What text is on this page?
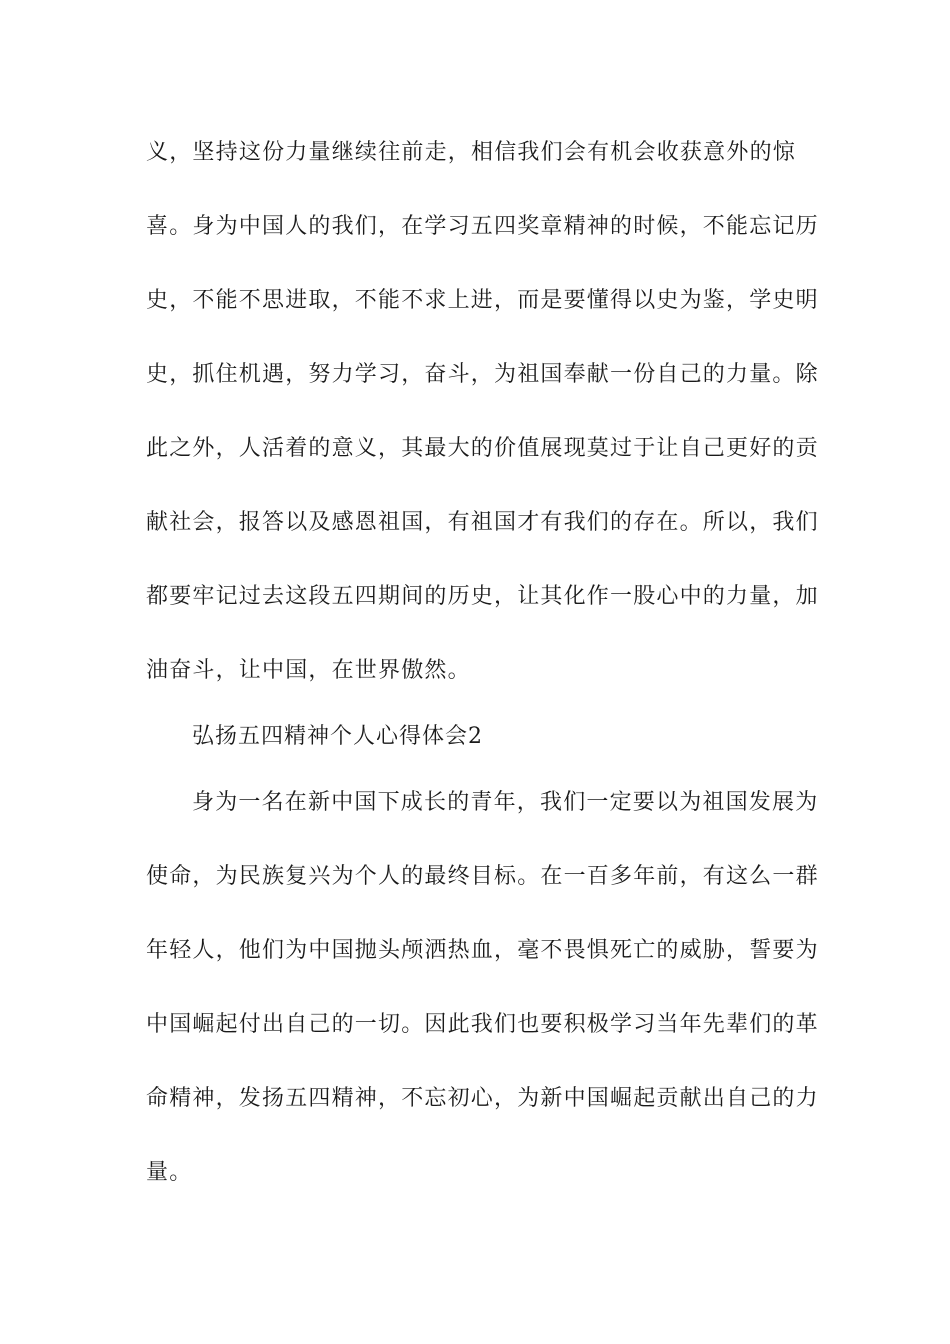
义，坚持这份力量继续往前走，相信我们会有机会收获意外的惊
喜。身为中国人的我们，在学习五四奖章精神的时候，不能忘记历
史，不能不思进取，不能不求上进，而是要懂得以史为鉴，学史明
史，抓住机遇，努力学习，奋斗，为祖国奉献一份自己的力量。除
此之外，人活着的意义，其最大的价值展现莫过于让自己更好的贡
献社会，报答以及感恩祖国，有祖国才有我们的存在。所以，我们
都要牢记过去这段五四期间的历史，让其化作一股心中的力量，加
油奋斗，让中国，在世界傲然。
弘扬五四精神个人心得体会2
身为一名在新中国下成长的青年，我们一定要以为祖国发展为
使命，为民族复兴为个人的最终目标。在一百多年前，有这么一群
年轻人，他们为中国抛头颅洒热血，毫不畏惧死亡的威胁，誓要为
中国崛起付出自己的一切。因此我们也要积极学习当年先辈们的革
命精神，发扬五四精神，不忘初心，为新中国崛起贡献出自己的力
量。
